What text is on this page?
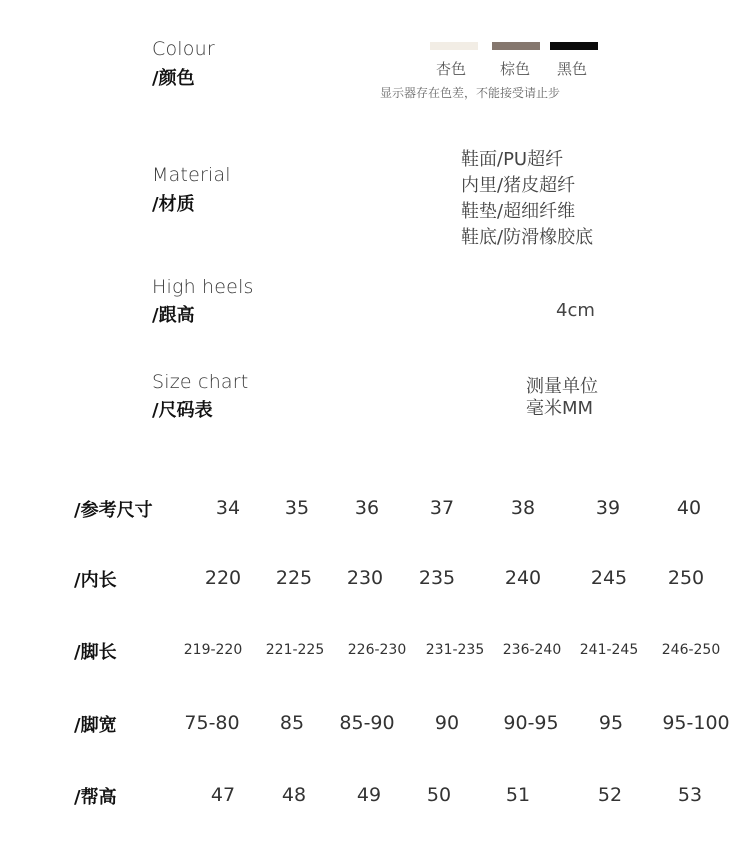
Colour
/颜色	杏色 棕色 黑色
显示器存在色差，不能接受请止步
Material
/材质
鞋面/PU超纤
内里/猪皮超纤
鞋垫/超细纤维
鞋底/防滑橡胶底
High heels
/跟高	4cm
Size chart
/尺码表
测量单位
毫米MM
/参考尺寸	34 35 36	37	38	39	40
/内长	220 225 230 235	240	245 250
/脚长	219-220 221-225 226-230 231-235 236-240 241-245 246-250
/脚宽	75-80 85 85-90 90 90-95 95 95-100
/帮高	47 48	49 50	51	52	53
